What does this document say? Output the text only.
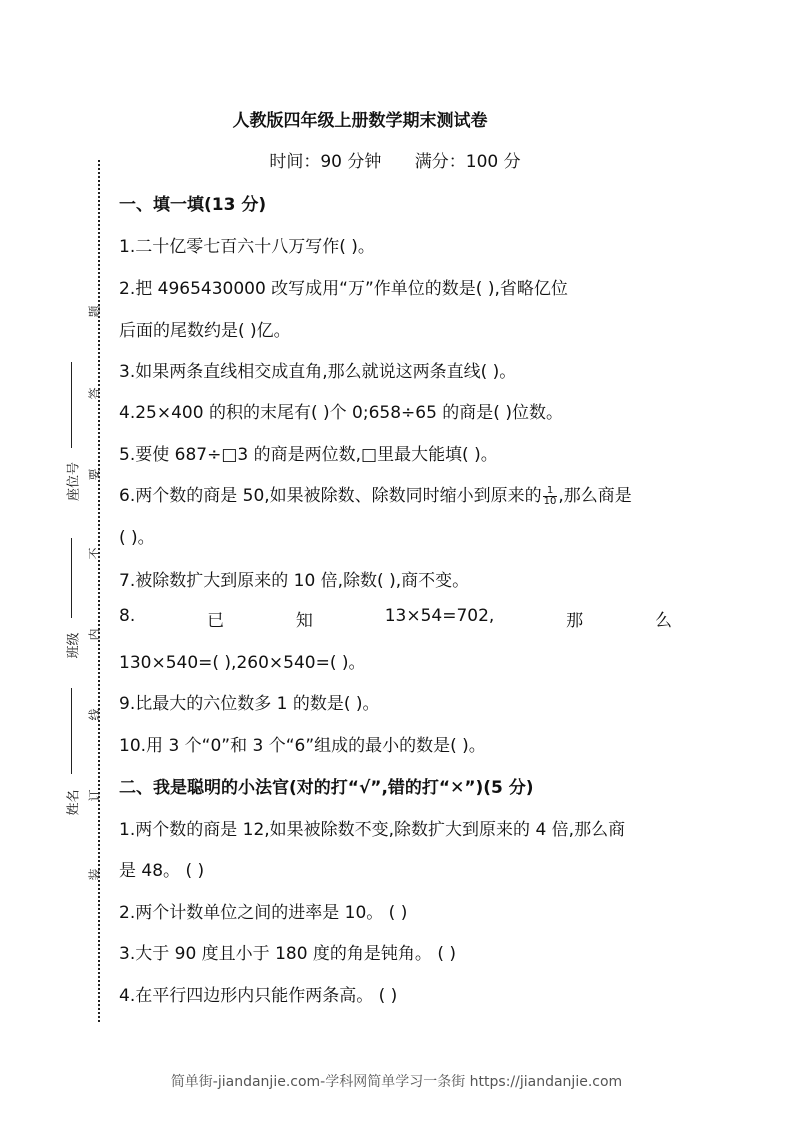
人教版四年级上册数学期末测试卷
时间：90 分钟 满分：100 分
题
答
要
不
内
线
订
装
座位号
班级
姓名
一、填一填(13 分)
1.二十亿零七百六十八万写作( )。
2.把 4965430000 改写成用“万”作单位的数是( ),省略亿位
后面的尾数约是( )亿。
3.如果两条直线相交成直角,那么就说这两条直线( )。
4.25×400 的积的末尾有( )个 0;658÷65 的商是( )位数。
5.要使 687÷□3 的商是两位数,□里最大能填( )。
6.两个数的商是 50,如果被除数、除数同时缩小到原来的 $\frac{1}{10}$ ,那么商是
( )。
7.被除数扩大到原来的 10 倍,除数( ),商不变。
8.	已	知	13×54=702,	那	么
130×540=( ),260×540=( )。
9.比最大的六位数多 1 的数是( )。
10.用 3 个“0”和 3 个“6”组成的最小的数是( )。
二、我是聪明的小法官(对的打“√”,错的打“✕”)(5 分)
1.两个数的商是 12,如果被除数不变,除数扩大到原来的 4 倍,那么商
是 48。 ( )
2.两个计数单位之间的进率是 10。 ( )
3.大于 90 度且小于 180 度的角是钝角。 ( )
4.在平行四边形内只能作两条高。 ( )
简单街-jiandanjie.com-学科网简单学习一条街 https://jiandanjie.com
